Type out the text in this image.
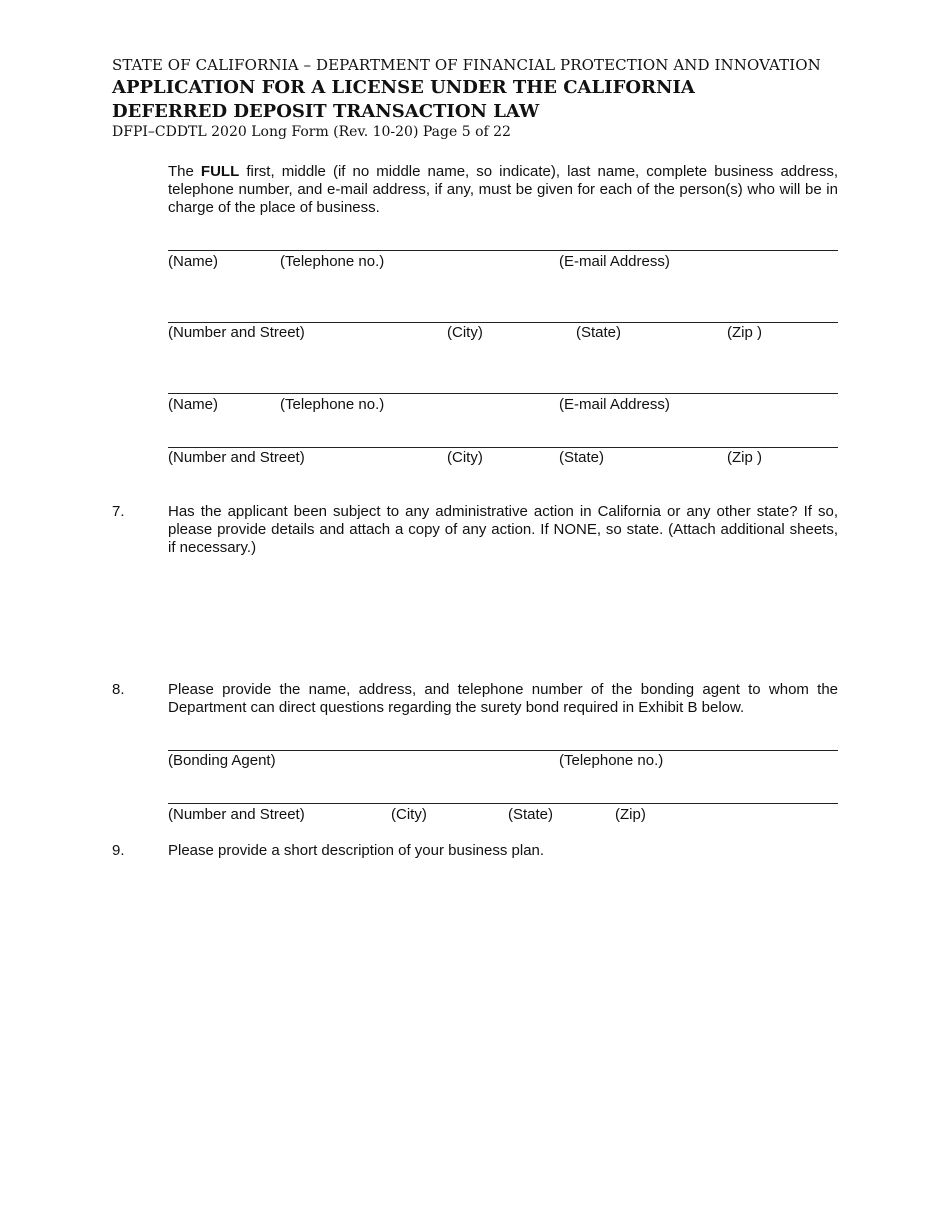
STATE OF CALIFORNIA – DEPARTMENT OF FINANCIAL PROTECTION AND INNOVATION
APPLICATION FOR A LICENSE UNDER THE CALIFORNIA
DEFERRED DEPOSIT TRANSACTION LAW
DFPI–CDDTL 2020 Long Form (Rev. 10-20) Page 5 of 22
The FULL first, middle (if no middle name, so indicate), last name, complete business address, telephone number, and e-mail address, if any, must be given for each of the person(s) who will be in charge of the place of business.
(Name)	(Telephone no.)	(E-mail Address)
(Number and Street)	(City)	(State)	(Zip )
(Name)	(Telephone no.)	(E-mail Address)
(Number and Street)	(City)	(State)	(Zip )
7.	Has the applicant been subject to any administrative action in California or any other state? If so, please provide details and attach a copy of any action. If NONE, so state. (Attach additional sheets, if necessary.)
8.	Please provide the name, address, and telephone number of the bonding agent to whom the Department can direct questions regarding the surety bond required in Exhibit B below.
(Bonding Agent)	(Telephone no.)
(Number and Street)	(City)	(State)	(Zip)
9.	Please provide a short description of your business plan.
